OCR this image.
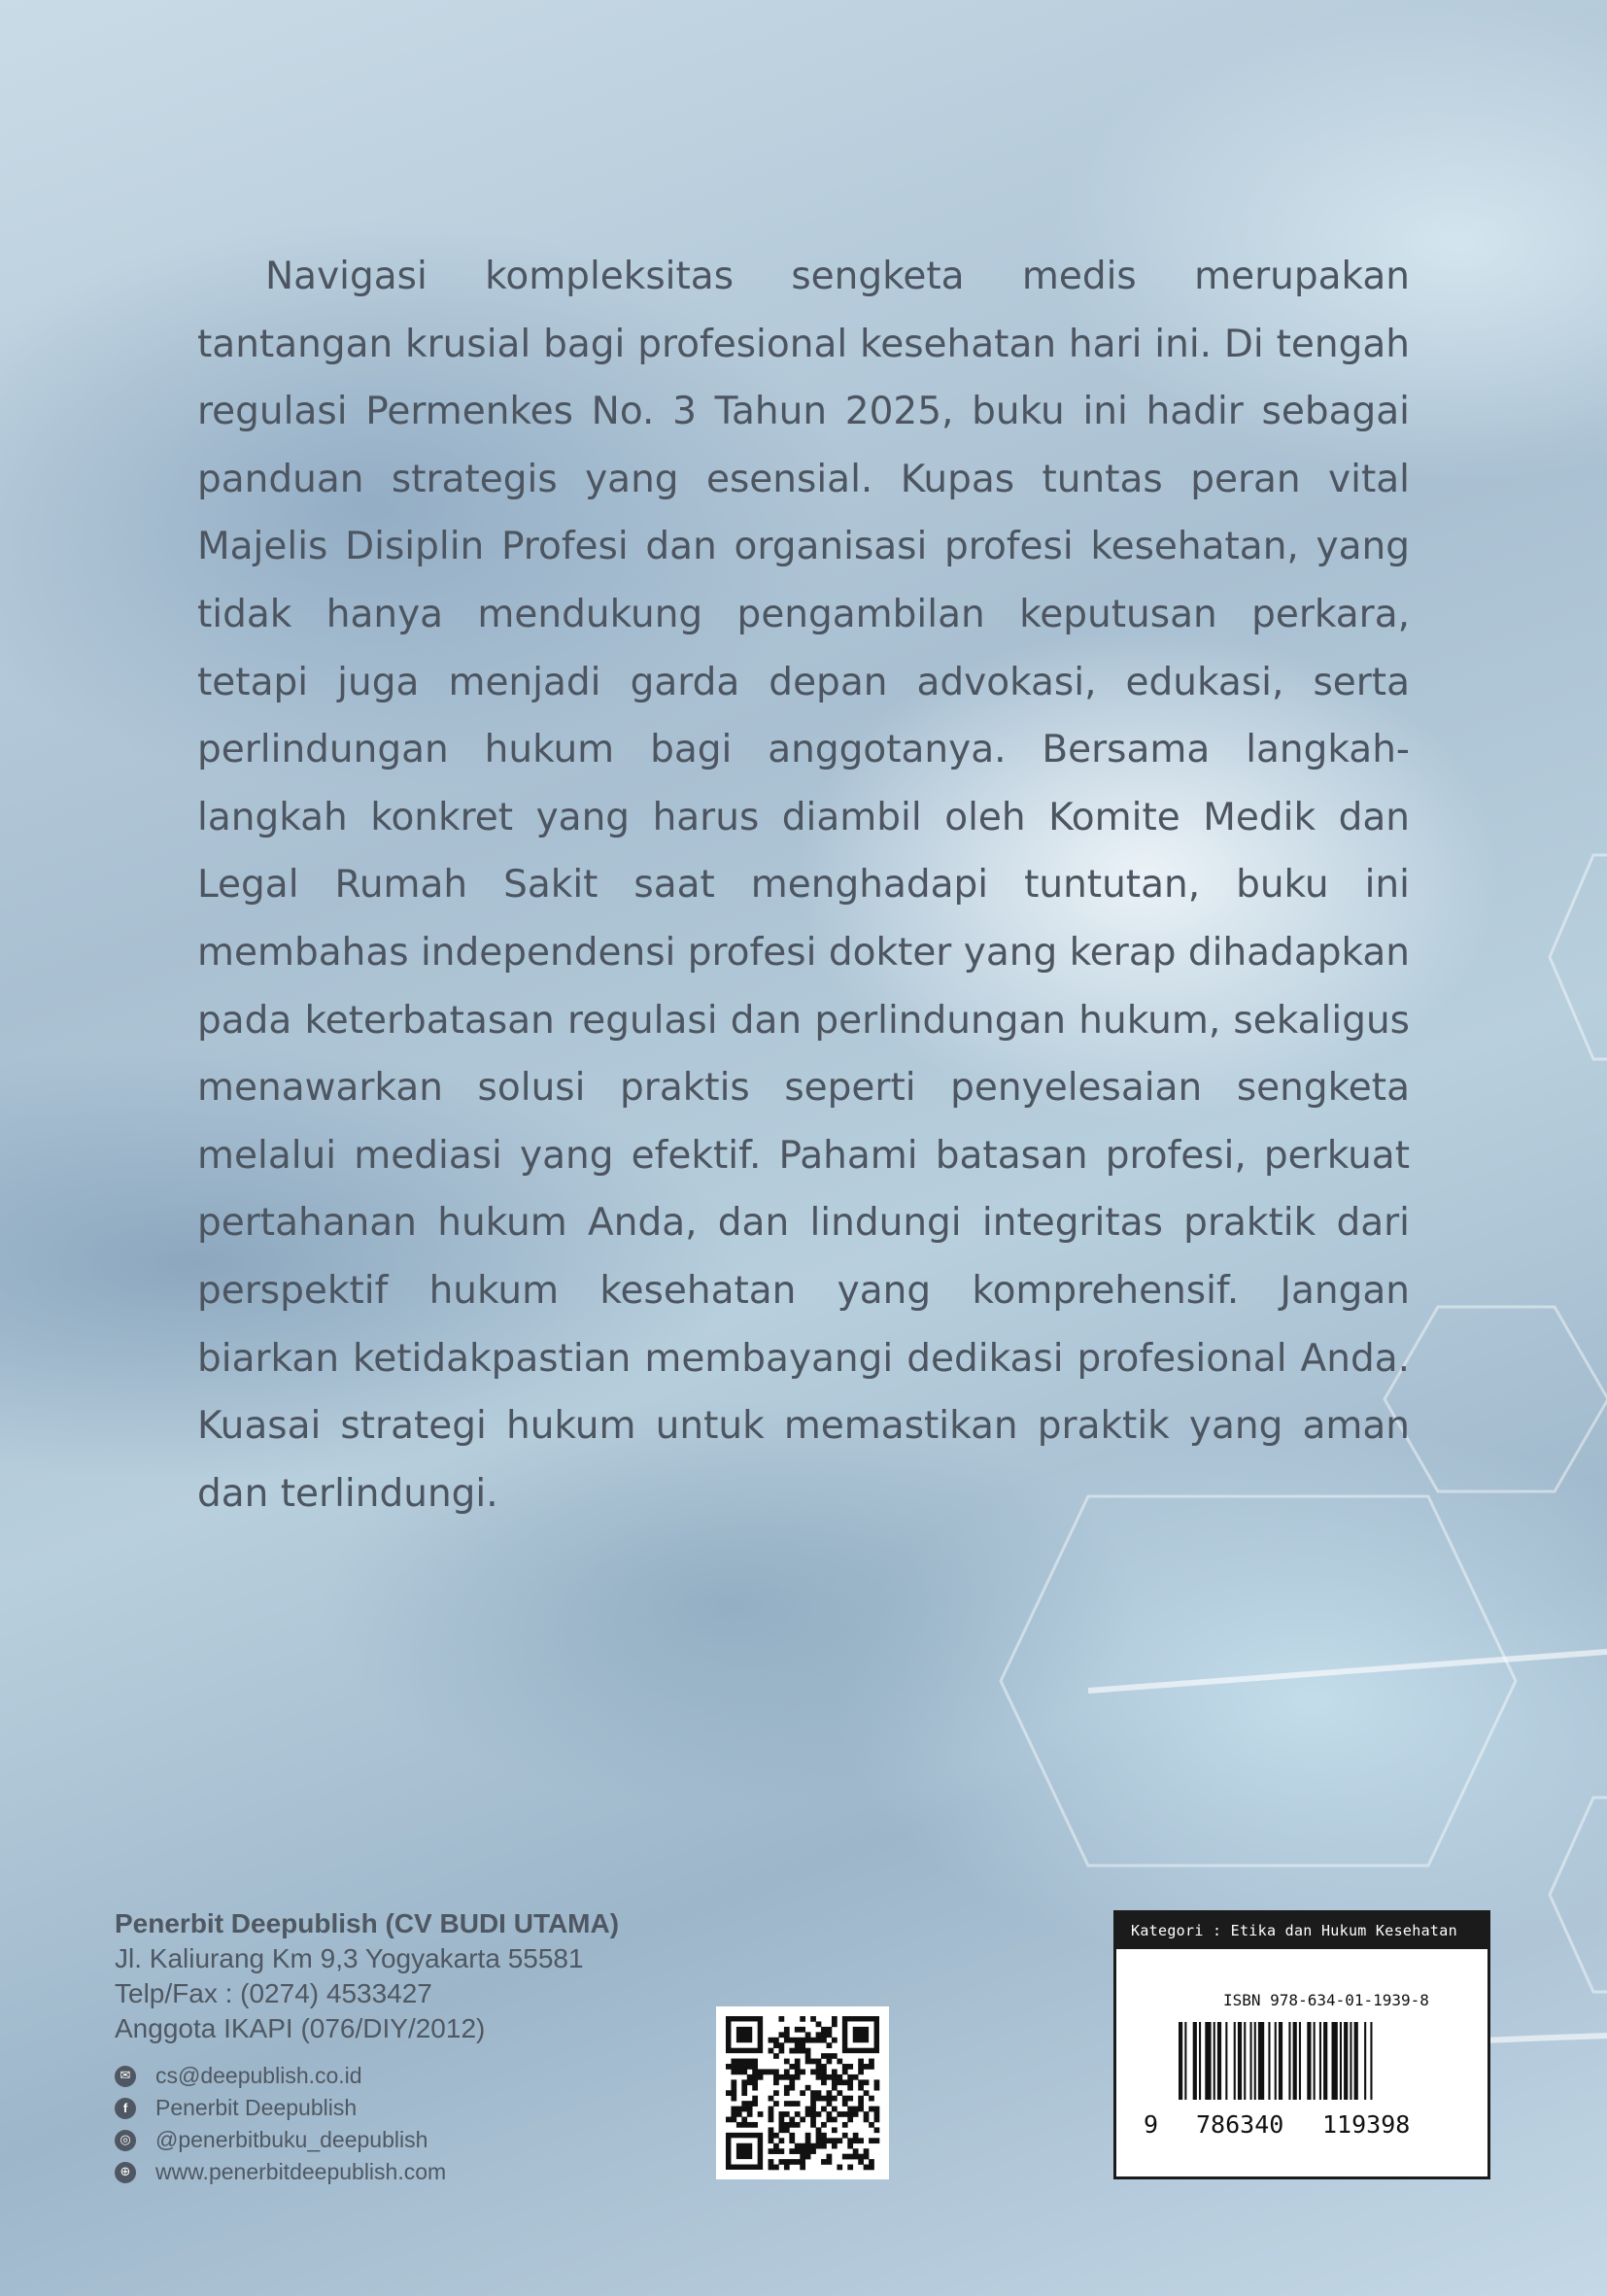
Navigasi kompleksitas sengketa medis merupakan tantangan krusial bagi profesional kesehatan hari ini. Di tengah regulasi Permenkes No. 3 Tahun 2025, buku ini hadir sebagai panduan strategis yang esensial. Kupas tuntas peran vital Majelis Disiplin Profesi dan organisasi profesi kesehatan, yang tidak hanya mendukung pengambilan keputusan perkara, tetapi juga menjadi garda depan advokasi, edukasi, serta perlindungan hukum bagi anggotanya. Bersama langkah-langkah konkret yang harus diambil oleh Komite Medik dan Legal Rumah Sakit saat menghadapi tuntutan, buku ini membahas independensi profesi dokter yang kerap dihadapkan pada keterbatasan regulasi dan perlindungan hukum, sekaligus menawarkan solusi praktis seperti penyelesaian sengketa melalui mediasi yang efektif. Pahami batasan profesi, perkuat pertahanan hukum Anda, dan lindungi integritas praktik dari perspektif hukum kesehatan yang komprehensif. Jangan biarkan ketidakpastian membayangi dedikasi profesional Anda. Kuasai strategi hukum untuk memastikan praktik yang aman dan terlindungi.

Penerbit Deepublish (CV BUDI UTAMA)
Jl. Kaliurang Km 9,3 Yogyakarta 55581
Telp/Fax : (0274) 4533427
Anggota IKAPI (076/DIY/2012)
✉ cs@deepublish.co.id
f	Penerbit Deepublish
◎ @penerbitbuku_deepublish
⊕ www.penerbitdeepublish.com
Kategori : Etika dan Hukum Kesehatan
ISBN 978-634-01-1939-8
9 786340 119398
